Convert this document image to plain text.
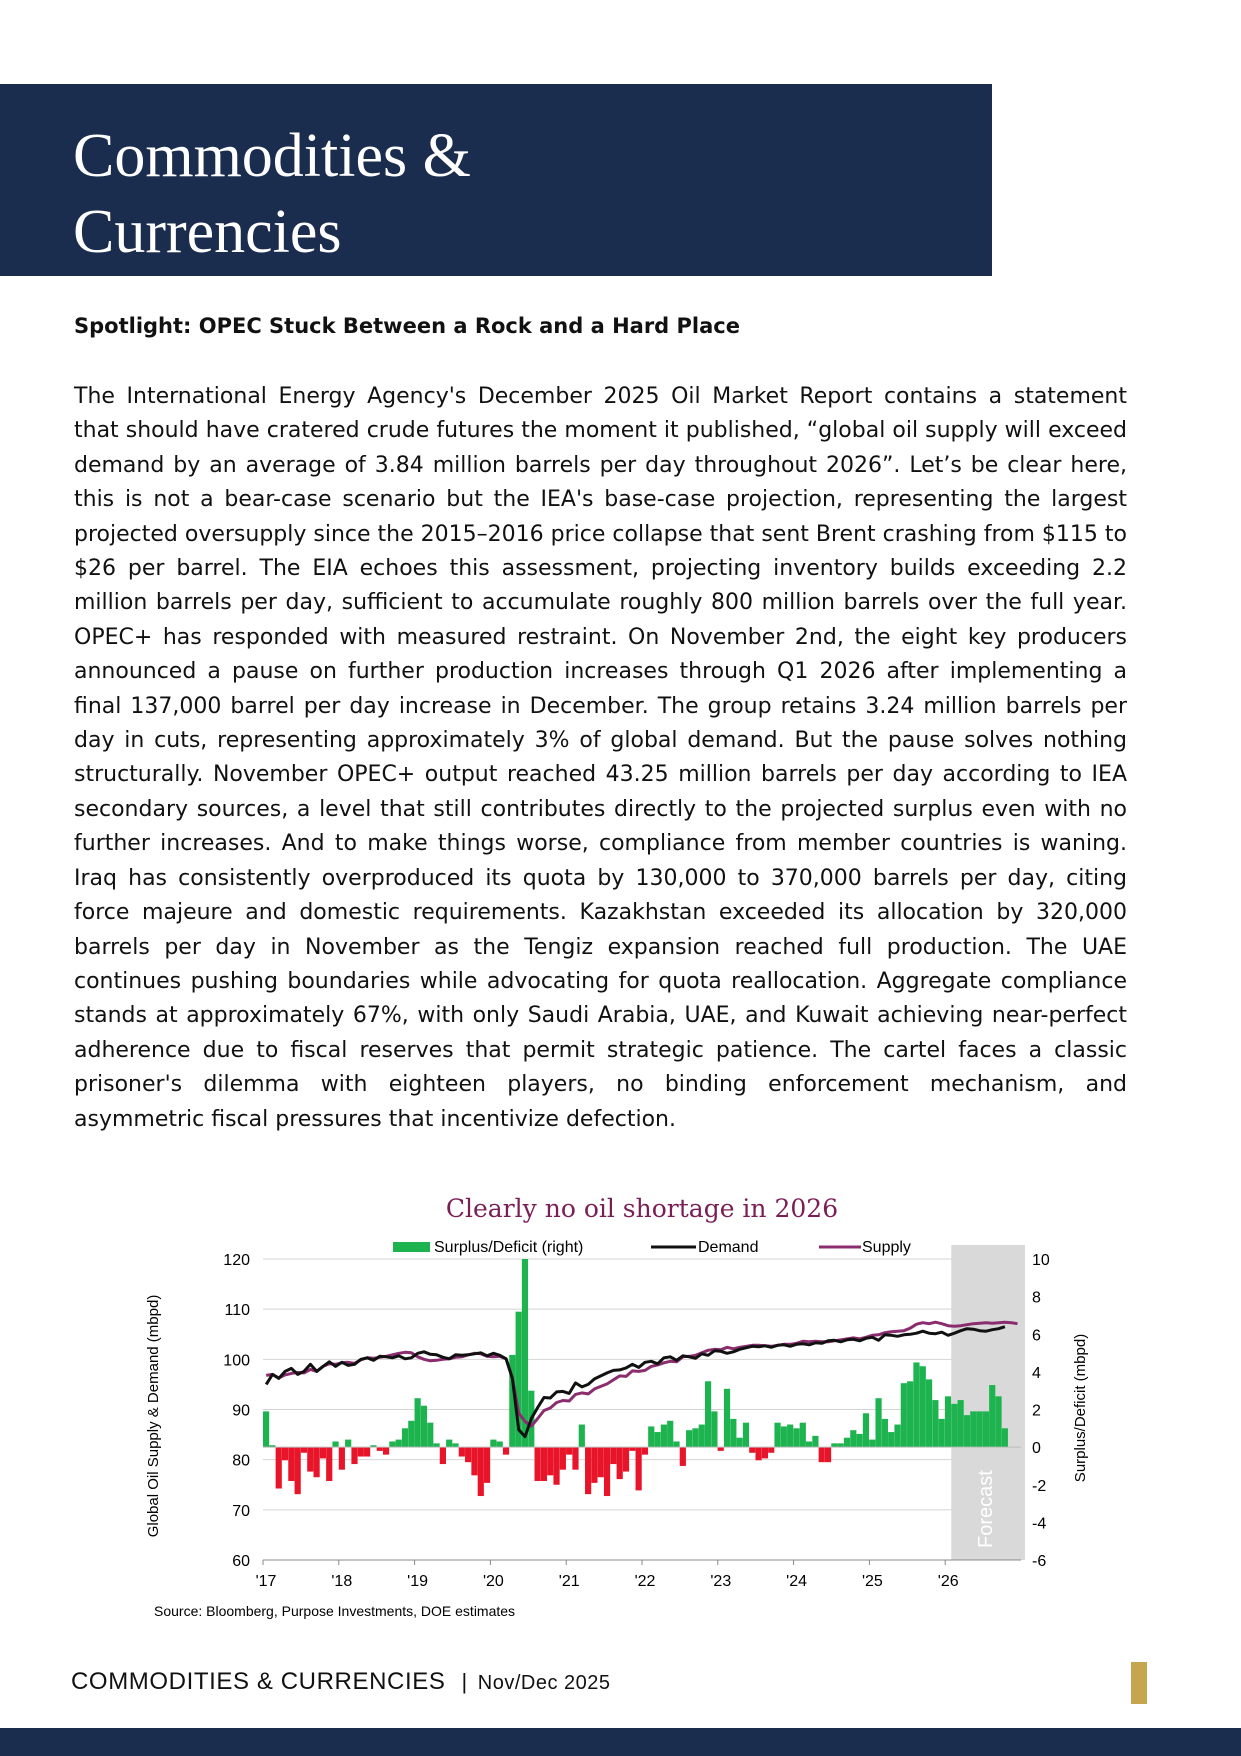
Commodities &
Currencies
Spotlight: OPEC Stuck Between a Rock and a Hard Place

The International Energy Agency's December 2025 Oil Market Report contains a statement that should have cratered crude futures the moment it published, “global oil supply will exceed demand by an average of 3.84 million barrels per day throughout 2026”. Let’s be clear here, this is not a bear-case scenario but the IEA's base-case projection, representing the largest projected oversupply since the 2015–2016 price collapse that sent Brent crashing from $115 to $26 per barrel. The EIA echoes this assessment, projecting inventory builds exceeding 2.2 million barrels per day, sufficient to accumulate roughly 800 million barrels over the full year. OPEC+ has responded with measured restraint. On November 2nd, the eight key producers announced a pause on further production increases through Q1 2026 after implementing a final 137,000 barrel per day increase in December. The group retains 3.24 million barrels per day in cuts, representing approximately 3% of global demand. But the pause solves nothing structurally. November OPEC+ output reached 43.25 million barrels per day according to IEA secondary sources, a level that still contributes directly to the projected surplus even with no further increases. And to make things worse, compliance from member countries is waning. Iraq has consistently overproduced its quota by 130,000 to 370,000 barrels per day, citing force majeure and domestic requirements. Kazakhstan exceeded its allocation by 320,000 barrels per day in November as the Tengiz expansion reached full production. The UAE continues pushing boundaries while advocating for quota reallocation. Aggregate compliance stands at approximately 67%, with only Saudi Arabia, UAE, and Kuwait achieving near-perfect adherence due to fiscal reserves that permit strategic patience. The cartel faces a classic prisoner's dilemma with eighteen players, no binding enforcement mechanism, and asymmetric fiscal pressures that incentivize defection.

Clearly no oil shortage in 2026
Surplus/Deficit (right)	Demand	Supply
'17	'18	'19	'20	'21	'22	'23	'24	'25	'26
120
110
100
90
80
70
60
10
8
6
4
2
0
-2
-4
-6
Forecast
Global Oil Supply & Demand (mbpd)	Surplus/Deficit (mbpd)
Source: Bloomberg, Purpose Investments, DOE estimates
COMMODITIES & CURRENCIES | Nov/Dec 2025
